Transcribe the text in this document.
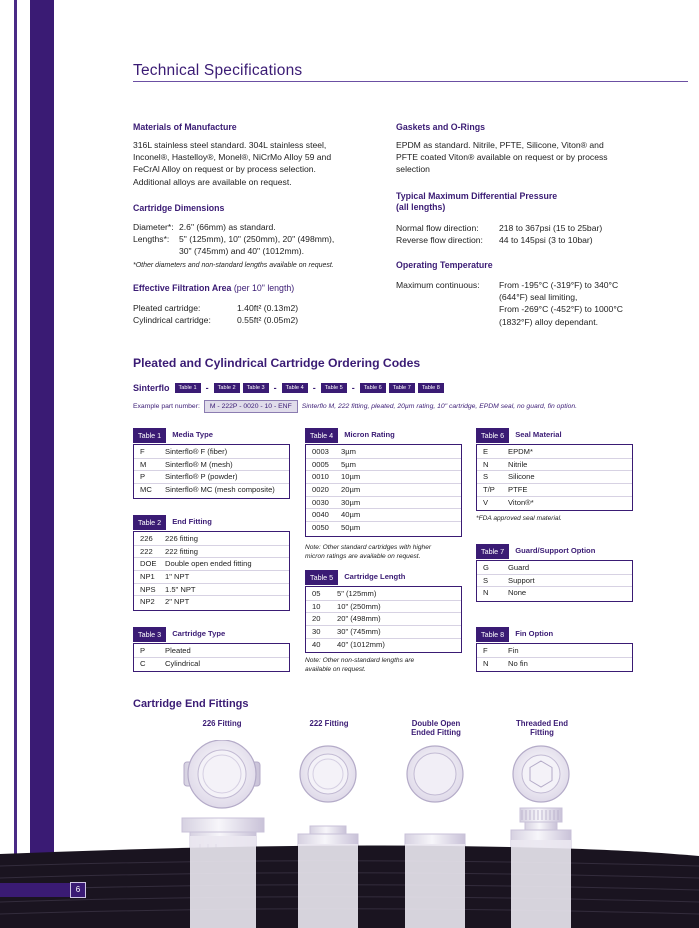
Technical Specifications
Materials of Manufacture
316L stainless steel standard. 304L stainless steel,
Inconel®, Hastelloy®, Monel®, NiCrMo Alloy 59 and
FeCrAl Alloy on request or by process selection.
Additional alloys are available on request.
Cartridge Dimensions
Diameter*: 2.6" (66mm) as standard.
Lengths*:	5" (125mm), 10" (250mm), 20" (498mm),
30" (745mm) and 40" (1012mm).
*Other diameters and non-standard lengths available on request.
Effective Filtration Area (per 10" length)
Pleated cartridge:	1.40ft² (0.13m2)
Cylindrical cartridge:	0.55ft² (0.05m2)
Gaskets and O-Rings
EPDM as standard. Nitrile, PFTE, Silicone, Viton® and
PFTE coated Viton® available on request or by process
selection
Typical Maximum Differential Pressure
(all lengths)
Normal flow direction:	218 to 367psi (15 to 25bar)
Reverse flow direction:	44 to 145psi (3 to 10bar)
Operating Temperature
Maximum continuous:	From -195°C (-319°F) to 340°C
(644°F) seal limiting,
From -269°C (-452°F) to 1000°C
(1832°F) alloy dependant.
Pleated and Cylindrical Cartridge Ordering Codes
Sinterflo	Table 1	-	Table 2	Table 3	-	Table 4	-	Table 5	-	Table 6	Table 7	Table 8
Example part number:	M - 222P - 0020 - 10 - ENF	Sinterflo M, 222 fitting, pleated, 20µm rating, 10" cartridge, EPDM seal, no guard, fin option.
Table 1	Media Type
F	Sinterflo® F (fiber)
M	Sinterflo® M (mesh)
P	Sinterflo® P (powder)
MC	Sinterflo® MC (mesh composite)
Table 2	End Fitting
226	226 fitting
222	222 fitting
DOE	Double open ended fitting
NP1	1" NPT
NPS	1.5" NPT
NP2	2" NPT
Table 3	Cartridge Type
P	Pleated
C	Cylindrical
Table 4	Micron Rating
0003	3µm
0005	5µm
0010	10µm
0020	20µm
0030	30µm
0040	40µm
0050	50µm
Note: Other standard cartridges with higher
micron ratings are available on request.
Table 5	Cartridge Length
05	5" (125mm)
10	10" (250mm)
20	20" (498mm)
30	30" (745mm)
40	40" (1012mm)
Note: Other non-standard lengths are
available on request.
Table 6	Seal Material
E	EPDM*
N	Nitrile
S	Silicone
T/P	PTFE
V	Viton®*
*FDA approved seal material.
Table 7	Guard/Support Option
G	Guard
S	Support
N	None
Table 8	Fin Option
F	Fin
N	No fin
Cartridge End Fittings
226 Fitting	222 Fitting	Double Open
Ended Fitting
Threaded End
Fitting
6
